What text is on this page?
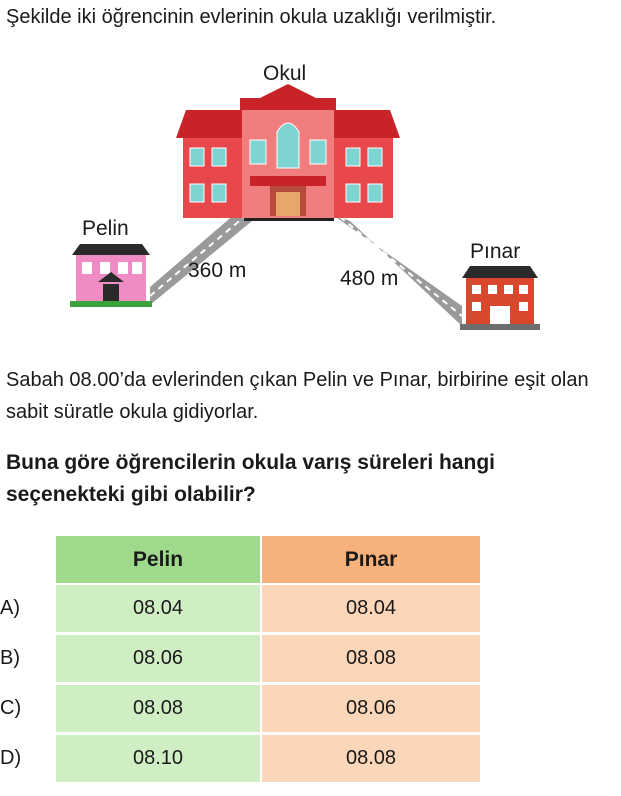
Şekilde iki öğrencinin evlerinin okula uzaklığı verilmiştir.
Okul
Pelin
Pınar
360 m	480 m
Sabah 08.00’da evlerinden çıkan Pelin ve Pınar, birbirine eşit olan sabit süratle okula gidiyorlar.
Buna göre öğrencilerin okula varış süreleri hangi seçenekteki gibi olabilir?
Pelin	Pınar
A)	08.04	08.04
B)	08.06	08.08
C)	08.08	08.06
D)	08.10	08.08
